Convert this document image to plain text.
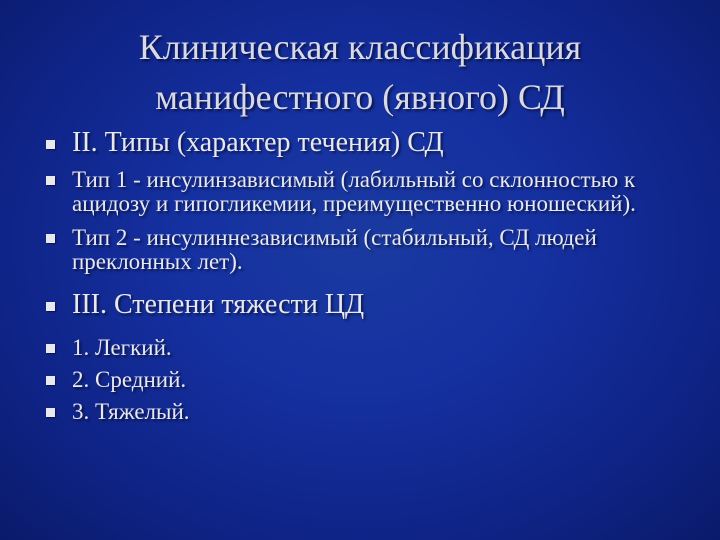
Клиническая классификация
манифестного (явного) СД
II. Типы (характер течения) СД
Тип 1 - инсулинзависимый (лабильный со склонностью к ацидозу и гипогликемии, преимущественно юношеский).
Тип 2 - инсулиннезависимый (стабильный, СД людей преклонных лет).
III. Степени тяжести ЦД
1. Легкий.
2. Средний.
3. Тяжелый.
